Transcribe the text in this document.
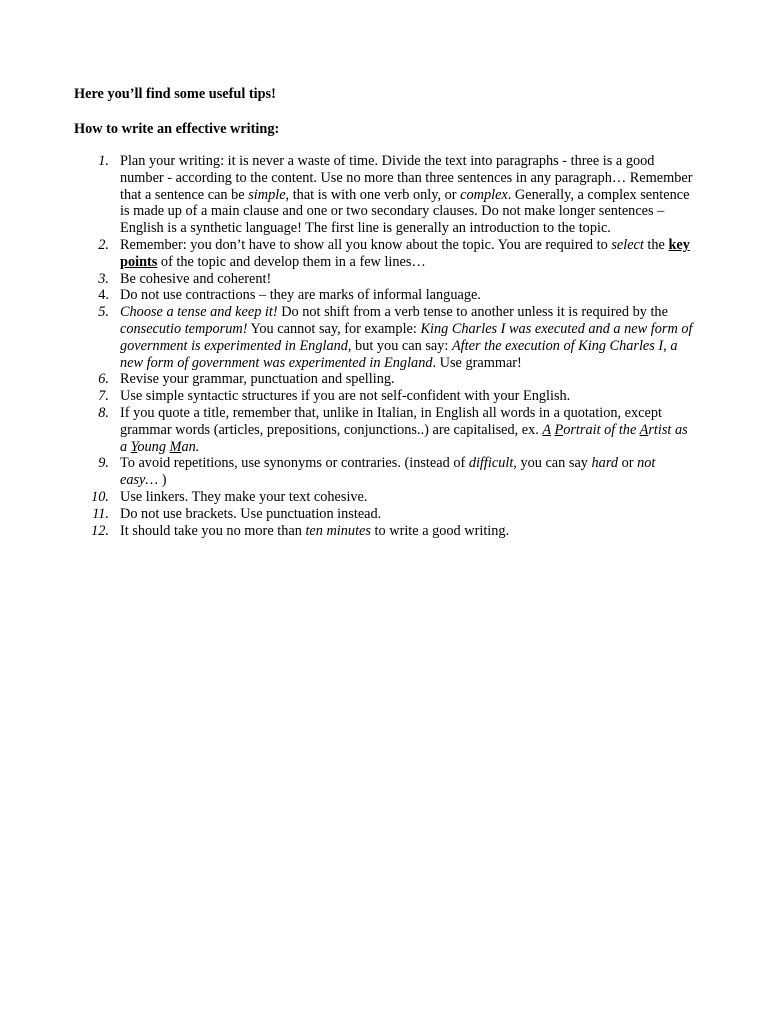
Here you’ll find some useful tips!

How to write an effective writing:

1. Plan your writing: it is never a waste of time. Divide the text into paragraphs - three is a good number - according to the content. Use no more than three sentences in any paragraph… Remember that a sentence can be simple, that is with one verb only, or complex. Generally, a complex sentence is made up of a main clause and one or two secondary clauses. Do not make longer sentences – English is a synthetic language! The first line is generally an introduction to the topic.
2. Remember: you don’t have to show all you know about the topic. You are required to select the key points of the topic and develop them in a few lines…
3. Be cohesive and coherent!
4. Do not use contractions – they are marks of informal language.
5. Choose a tense and keep it! Do not shift from a verb tense to another unless it is required by the consecutio temporum! You cannot say, for example: King Charles I was executed and a new form of government is experimented in England, but you can say: After the execution of King Charles I, a new form of government was experimented in England. Use grammar!
6. Revise your grammar, punctuation and spelling.
7. Use simple syntactic structures if you are not self-confident with your English.
8. If you quote a title, remember that, unlike in Italian, in English all words in a quotation, except grammar words (articles, prepositions, conjunctions..) are capitalised, ex. A Portrait of the Artist as a Young Man.
9. To avoid repetitions, use synonyms or contraries. (instead of difficult, you can say hard or not easy… )
10. Use linkers. They make your text cohesive.
11. Do not use brackets. Use punctuation instead.
12. It should take you no more than ten minutes to write a good writing.
